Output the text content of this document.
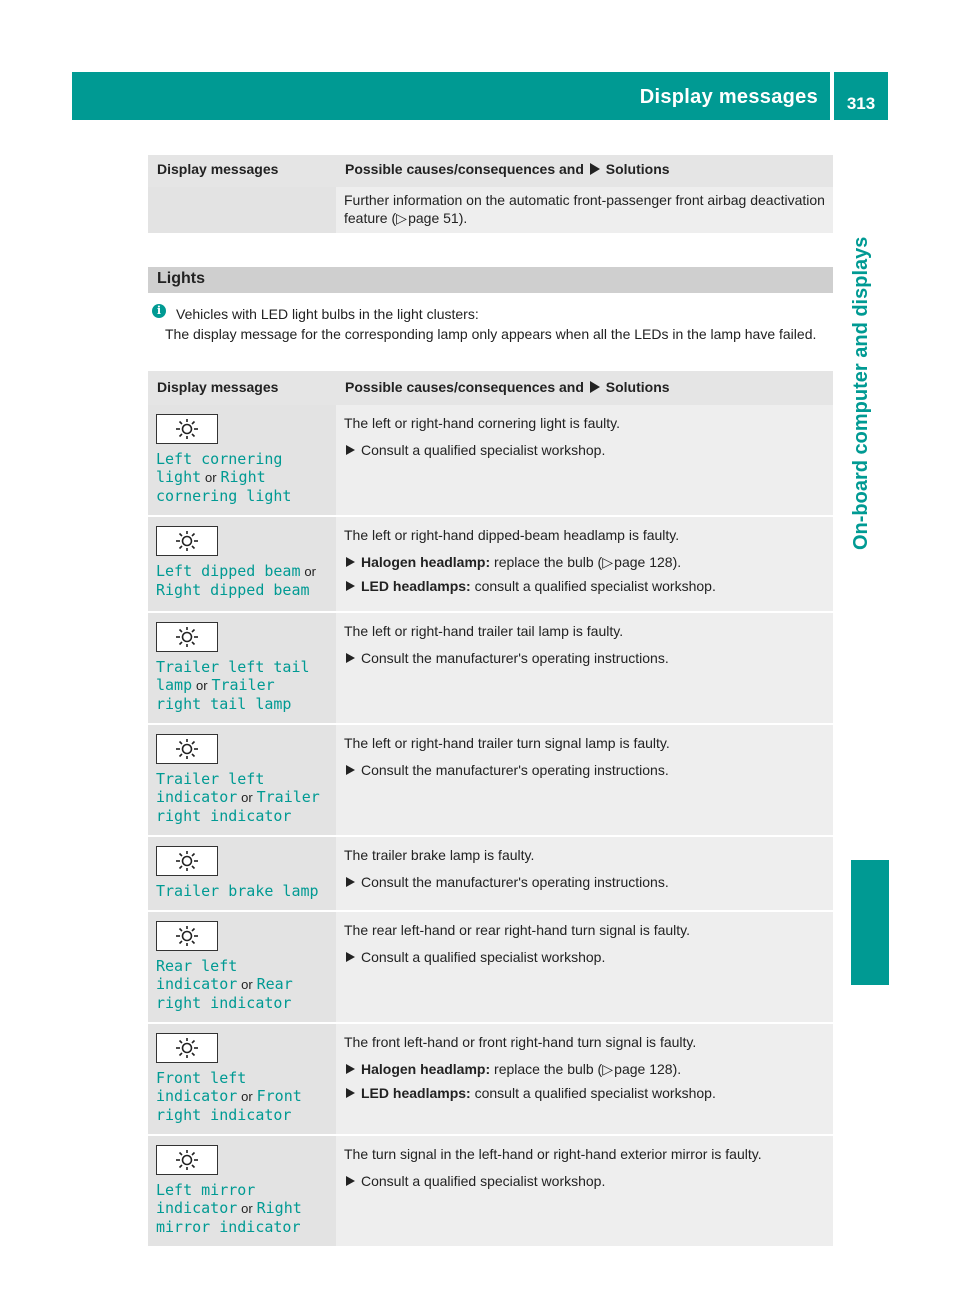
Display messages	313
On-board computer and displays
Display messages	Possible causes/consequences and Solutions
	Further information on the automatic front-passenger front airbag deactivation feature (▷ page 51).
Lights
i	Vehicles with LED light bulbs in the light clusters:
The display message for the corresponding lamp only appears when all the LEDs in the lamp have failed.
Display messages	Possible causes/consequences and Solutions

Left cornering light or Right cornering light	The left or right-hand cornering light is faulty.

Consult a qualified specialist workshop.

Left dipped beam or Right dipped beam	The left or right-hand dipped-beam headlamp is faulty.

Halogen headlamp: replace the bulb (▷ page 128).

LED headlamps: consult a qualified specialist workshop.

Trailer left tail lamp or Trailer right tail lamp	The left or right-hand trailer tail lamp is faulty.

Consult the manufacturer's operating instructions.

Trailer left indicator or Trailer right indicator	The left or right-hand trailer turn signal lamp is faulty.

Consult the manufacturer's operating instructions.

Trailer brake lamp	The trailer brake lamp is faulty.

Consult the manufacturer's operating instructions.

Rear left indicator or Rear right indicator	The rear left-hand or rear right-hand turn signal is faulty.

Consult a qualified specialist workshop.

Front left indicator or Front right indicator	The front left-hand or front right-hand turn signal is faulty.

Halogen headlamp: replace the bulb (▷ page 128).

LED headlamps: consult a qualified specialist workshop.

Left mirror indicator or Right mirror indicator	The turn signal in the left-hand or right-hand exterior mirror is faulty.

Consult a qualified specialist workshop.
